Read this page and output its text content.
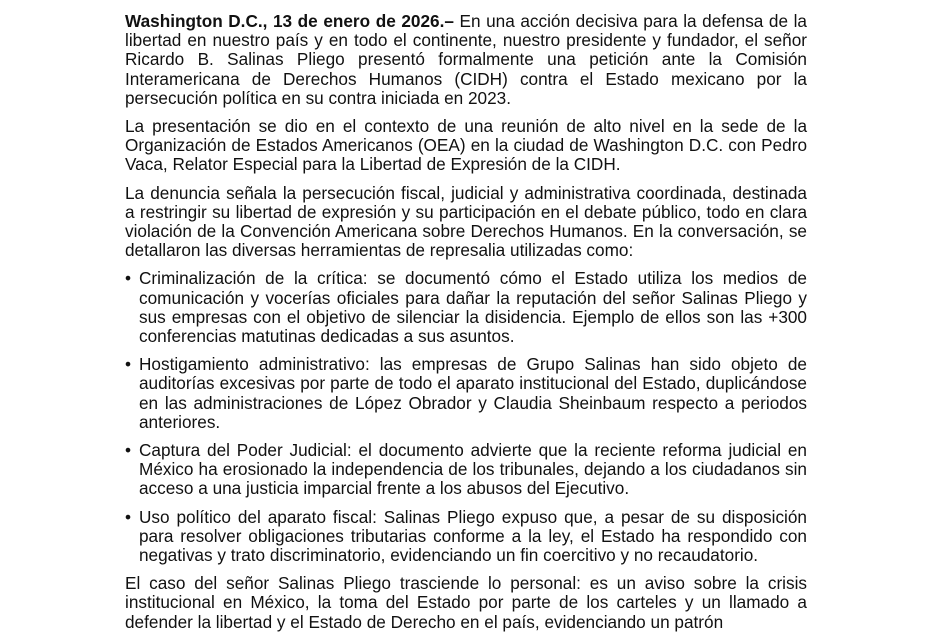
Washington D.C., 13 de enero de 2026.– En una acción decisiva para la defensa de la libertad en nuestro país y en todo el continente, nuestro presidente y fundador, el señor Ricardo B. Salinas Pliego presentó formalmente una petición ante la Comisión Interamericana de Derechos Humanos (CIDH) contra el Estado mexicano por la persecución política en su contra iniciada en 2023.

La presentación se dio en el contexto de una reunión de alto nivel en la sede de la Organización de Estados Americanos (OEA) en la ciudad de Washington D.C. con Pedro Vaca, Relator Especial para la Libertad de Expresión de la CIDH.

La denuncia señala la persecución fiscal, judicial y administrativa coordinada, destinada a restringir su libertad de expresión y su participación en el debate público, todo en clara violación de la Convención Americana sobre Derechos Humanos. En la conversación, se detallaron las diversas herramientas de represalia utilizadas como:

• Criminalización de la crítica: se documentó cómo el Estado utiliza los medios de comunicación y vocerías oficiales para dañar la reputación del señor Salinas Pliego y sus empresas con el objetivo de silenciar la disidencia. Ejemplo de ellos son las +300 conferencias matutinas dedicadas a sus asuntos.
• Hostigamiento administrativo: las empresas de Grupo Salinas han sido objeto de auditorías excesivas por parte de todo el aparato institucional del Estado, duplicándose en las administraciones de López Obrador y Claudia Sheinbaum respecto a periodos anteriores.
• Captura del Poder Judicial: el documento advierte que la reciente reforma judicial en México ha erosionado la independencia de los tribunales, dejando a los ciudadanos sin acceso a una justicia imparcial frente a los abusos del Ejecutivo.
• Uso político del aparato fiscal: Salinas Pliego expuso que, a pesar de su disposición para resolver obligaciones tributarias conforme a la ley, el Estado ha respondido con negativas y trato discriminatorio, evidenciando un fin coercitivo y no recaudatorio.

El caso del señor Salinas Pliego trasciende lo personal: es un aviso sobre la crisis institucional en México, la toma del Estado por parte de los carteles y un llamado a defender la libertad y el Estado de Derecho en el país, evidenciando un patrón
